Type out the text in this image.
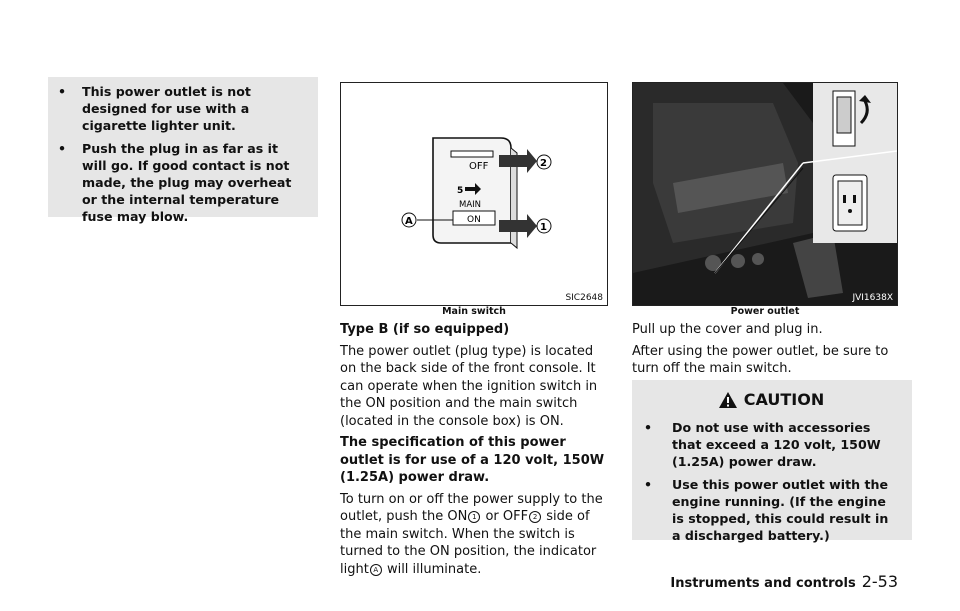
•	This power outlet is not designed for use with a cigarette lighter unit.
•	Push the plug in as far as it will go. If good contact is not made, the plug may overheat or the internal temperature fuse may blow.
OFF
5
MAIN
ON
A
2
1
SIC2648
Main switch
JVI1638X
Power outlet

Type B (if so equipped)

The power outlet (plug type) is located on the back side of the front console. It can operate when the ignition switch in the ON position and the main switch (located in the console box) is ON.

The specification of this power outlet is for use of a 120 volt, 150W (1.25A) power draw.

To turn on or off the power supply to the outlet, push the ON 1 or OFF 2 side of the main switch. When the switch is turned to the ON position, the indicator light A will illuminate.

Pull up the cover and plug in.

After using the power outlet, be sure to turn off the main switch.

CAUTION
•	Do not use with accessories that exceed a 120 volt, 150W (1.25A) power draw.
•	Use this power outlet with the engine running. (If the engine is stopped, this could result in a discharged battery.)
Instruments and controls 2-53
